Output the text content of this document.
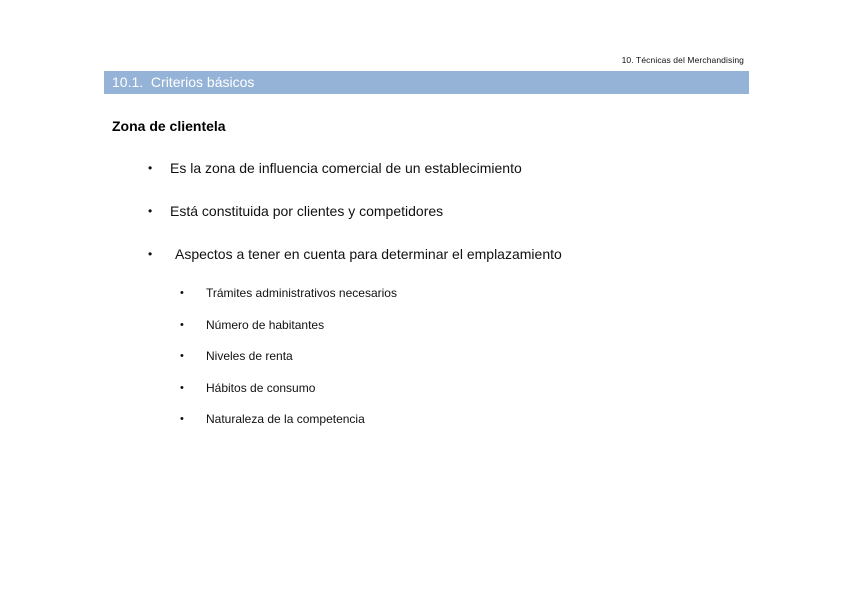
10. Técnicas del Merchandising
10.1.  Criterios básicos
Zona de clientela
• Es la zona de influencia comercial de un establecimiento
• Está constituida por clientes y competidores
• Aspectos a tener en cuenta para determinar el emplazamiento
• Trámites administrativos necesarios
• Número de habitantes
• Niveles de renta
• Hábitos de consumo
• Naturaleza de la competencia
